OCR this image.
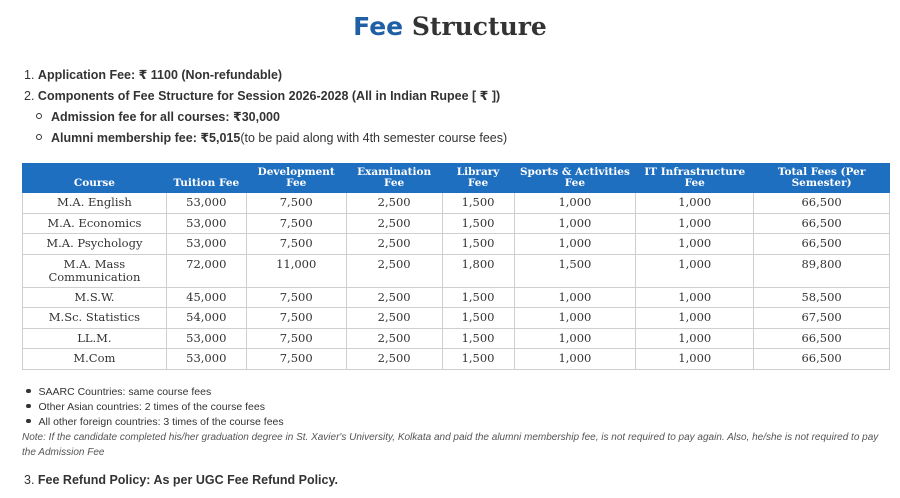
Fee Structure
1. Application Fee: ₹ 1100 (Non-refundable)
2. Components of Fee Structure for Session 2026-2028 (All in Indian Rupee [ ₹ ])
Admission fee for all courses: ₹30,000
Alumni membership fee: ₹5,015(to be paid along with 4th semester course fees)
Course	Tuition Fee	Development Fee	Examination Fee	Library Fee	Sports & Activities Fee	IT Infrastructure Fee	Total Fees (Per Semester)
M.A. English	53,000	7,500	2,500	1,500	1,000	1,000	66,500
M.A. Economics	53,000	7,500	2,500	1,500	1,000	1,000	66,500
M.A. Psychology	53,000	7,500	2,500	1,500	1,000	1,000	66,500
M.A. Mass Communication	72,000	11,000	2,500	1,800	1,500	1,000	89,800
M.S.W.	45,000	7,500	2,500	1,500	1,000	1,000	58,500
M.Sc. Statistics	54,000	7,500	2,500	1,500	1,000	1,000	67,500
LL.M.	53,000	7,500	2,500	1,500	1,000	1,000	66,500
M.Com	53,000	7,500	2,500	1,500	1,000	1,000	66,500
SAARC Countries: same course fees
Other Asian countries: 2 times of the course fees
All other foreign countries: 3 times of the course fees
Note: If the candidate completed his/her graduation degree in St. Xavier's University, Kolkata and paid the alumni membership fee, is not required to pay again. Also, he/she is not required to pay the Admission Fee
3. Fee Refund Policy: As per UGC Fee Refund Policy.
